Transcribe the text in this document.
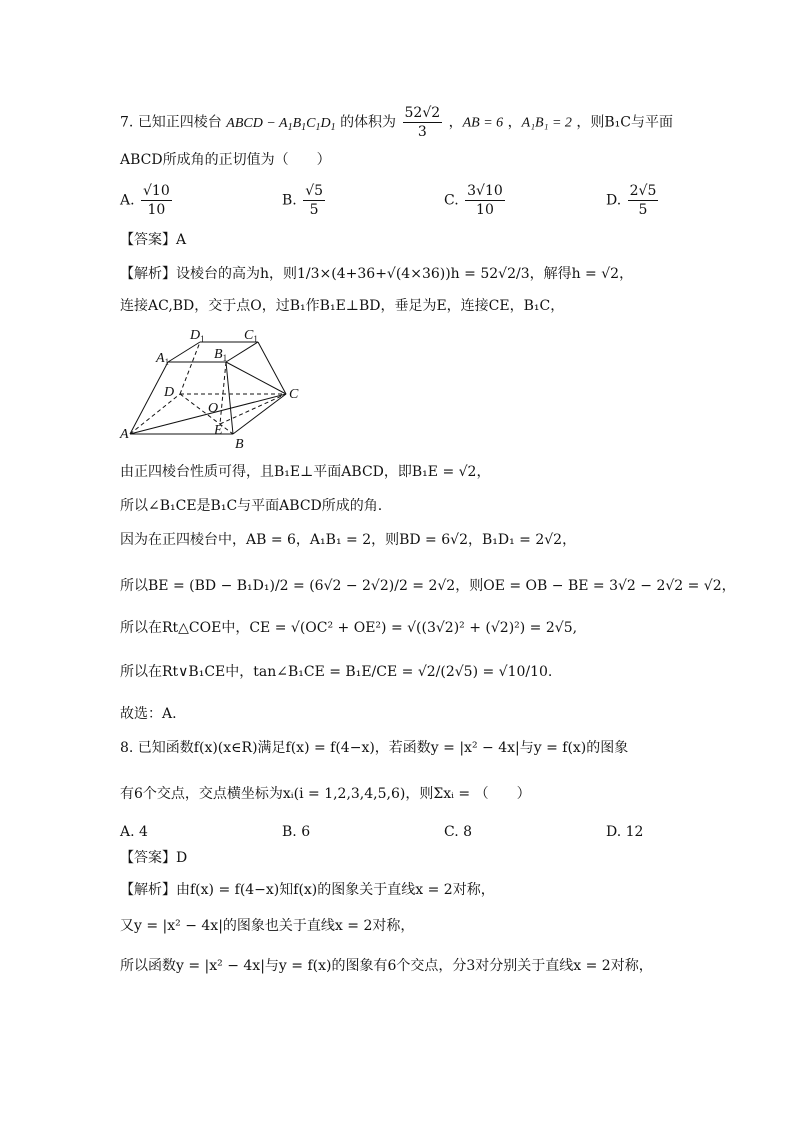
7. 已知正四棱台 ABCD − $A_1B_1C_1D_1$ 的体积为 $\frac{52√2}{3}$ ，AB = 6 ，A₁B₁ = 2 ，则B₁C与平面
ABCD所成角的正切值为（　　）
A. $\frac{√10}{10}$	B. $\frac{√5}{5}$	C. $\frac{3√10}{10}$	D. $\frac{2√5}{5}$
【答案】A
【解析】设棱台的高为h，则1/3×(4+36+√(4×36))h = 52√2/3，解得h = √2，
连接AC,BD，交于点O，过B₁作B₁E⊥BD，垂足为E，连接CE，B₁C，
$D_1$	$C_1$
$A_1$	$B_1$
D	C
O
A	E
B
由正四棱台性质可得，且B₁E⊥平面ABCD，即B₁E = √2，
所以∠B₁CE是B₁C与平面ABCD所成的角.
因为在正四棱台中，AB = 6，A₁B₁ = 2，则BD = 6√2，B₁D₁ = 2√2，
所以BE = (BD − B₁D₁)/2 = (6√2 − 2√2)/2 = 2√2，则OE = OB − BE = 3√2 − 2√2 = √2，
所以在Rt△COE中，CE = √(OC² + OE²) = √((3√2)² + (√2)²) = 2√5,
所以在Rt∨B₁CE中，tan∠B₁CE = B₁E/CE = √2/(2√5) = √10/10.
故选：A.
8. 已知函数f(x)(x∈R)满足f(x) = f(4−x)，若函数y = |x² − 4x|与y = f(x)的图象
有6个交点，交点横坐标为xᵢ(i = 1,2,3,4,5,6)，则Σxᵢ = （　　）
A. 4	B. 6	C. 8	D. 12
【答案】D
【解析】由f(x) = f(4−x)知f(x)的图象关于直线x = 2对称，
又y = |x² − 4x|的图象也关于直线x = 2对称，
所以函数y = |x² − 4x|与y = f(x)的图象有6个交点，分3对分别关于直线x = 2对称，
